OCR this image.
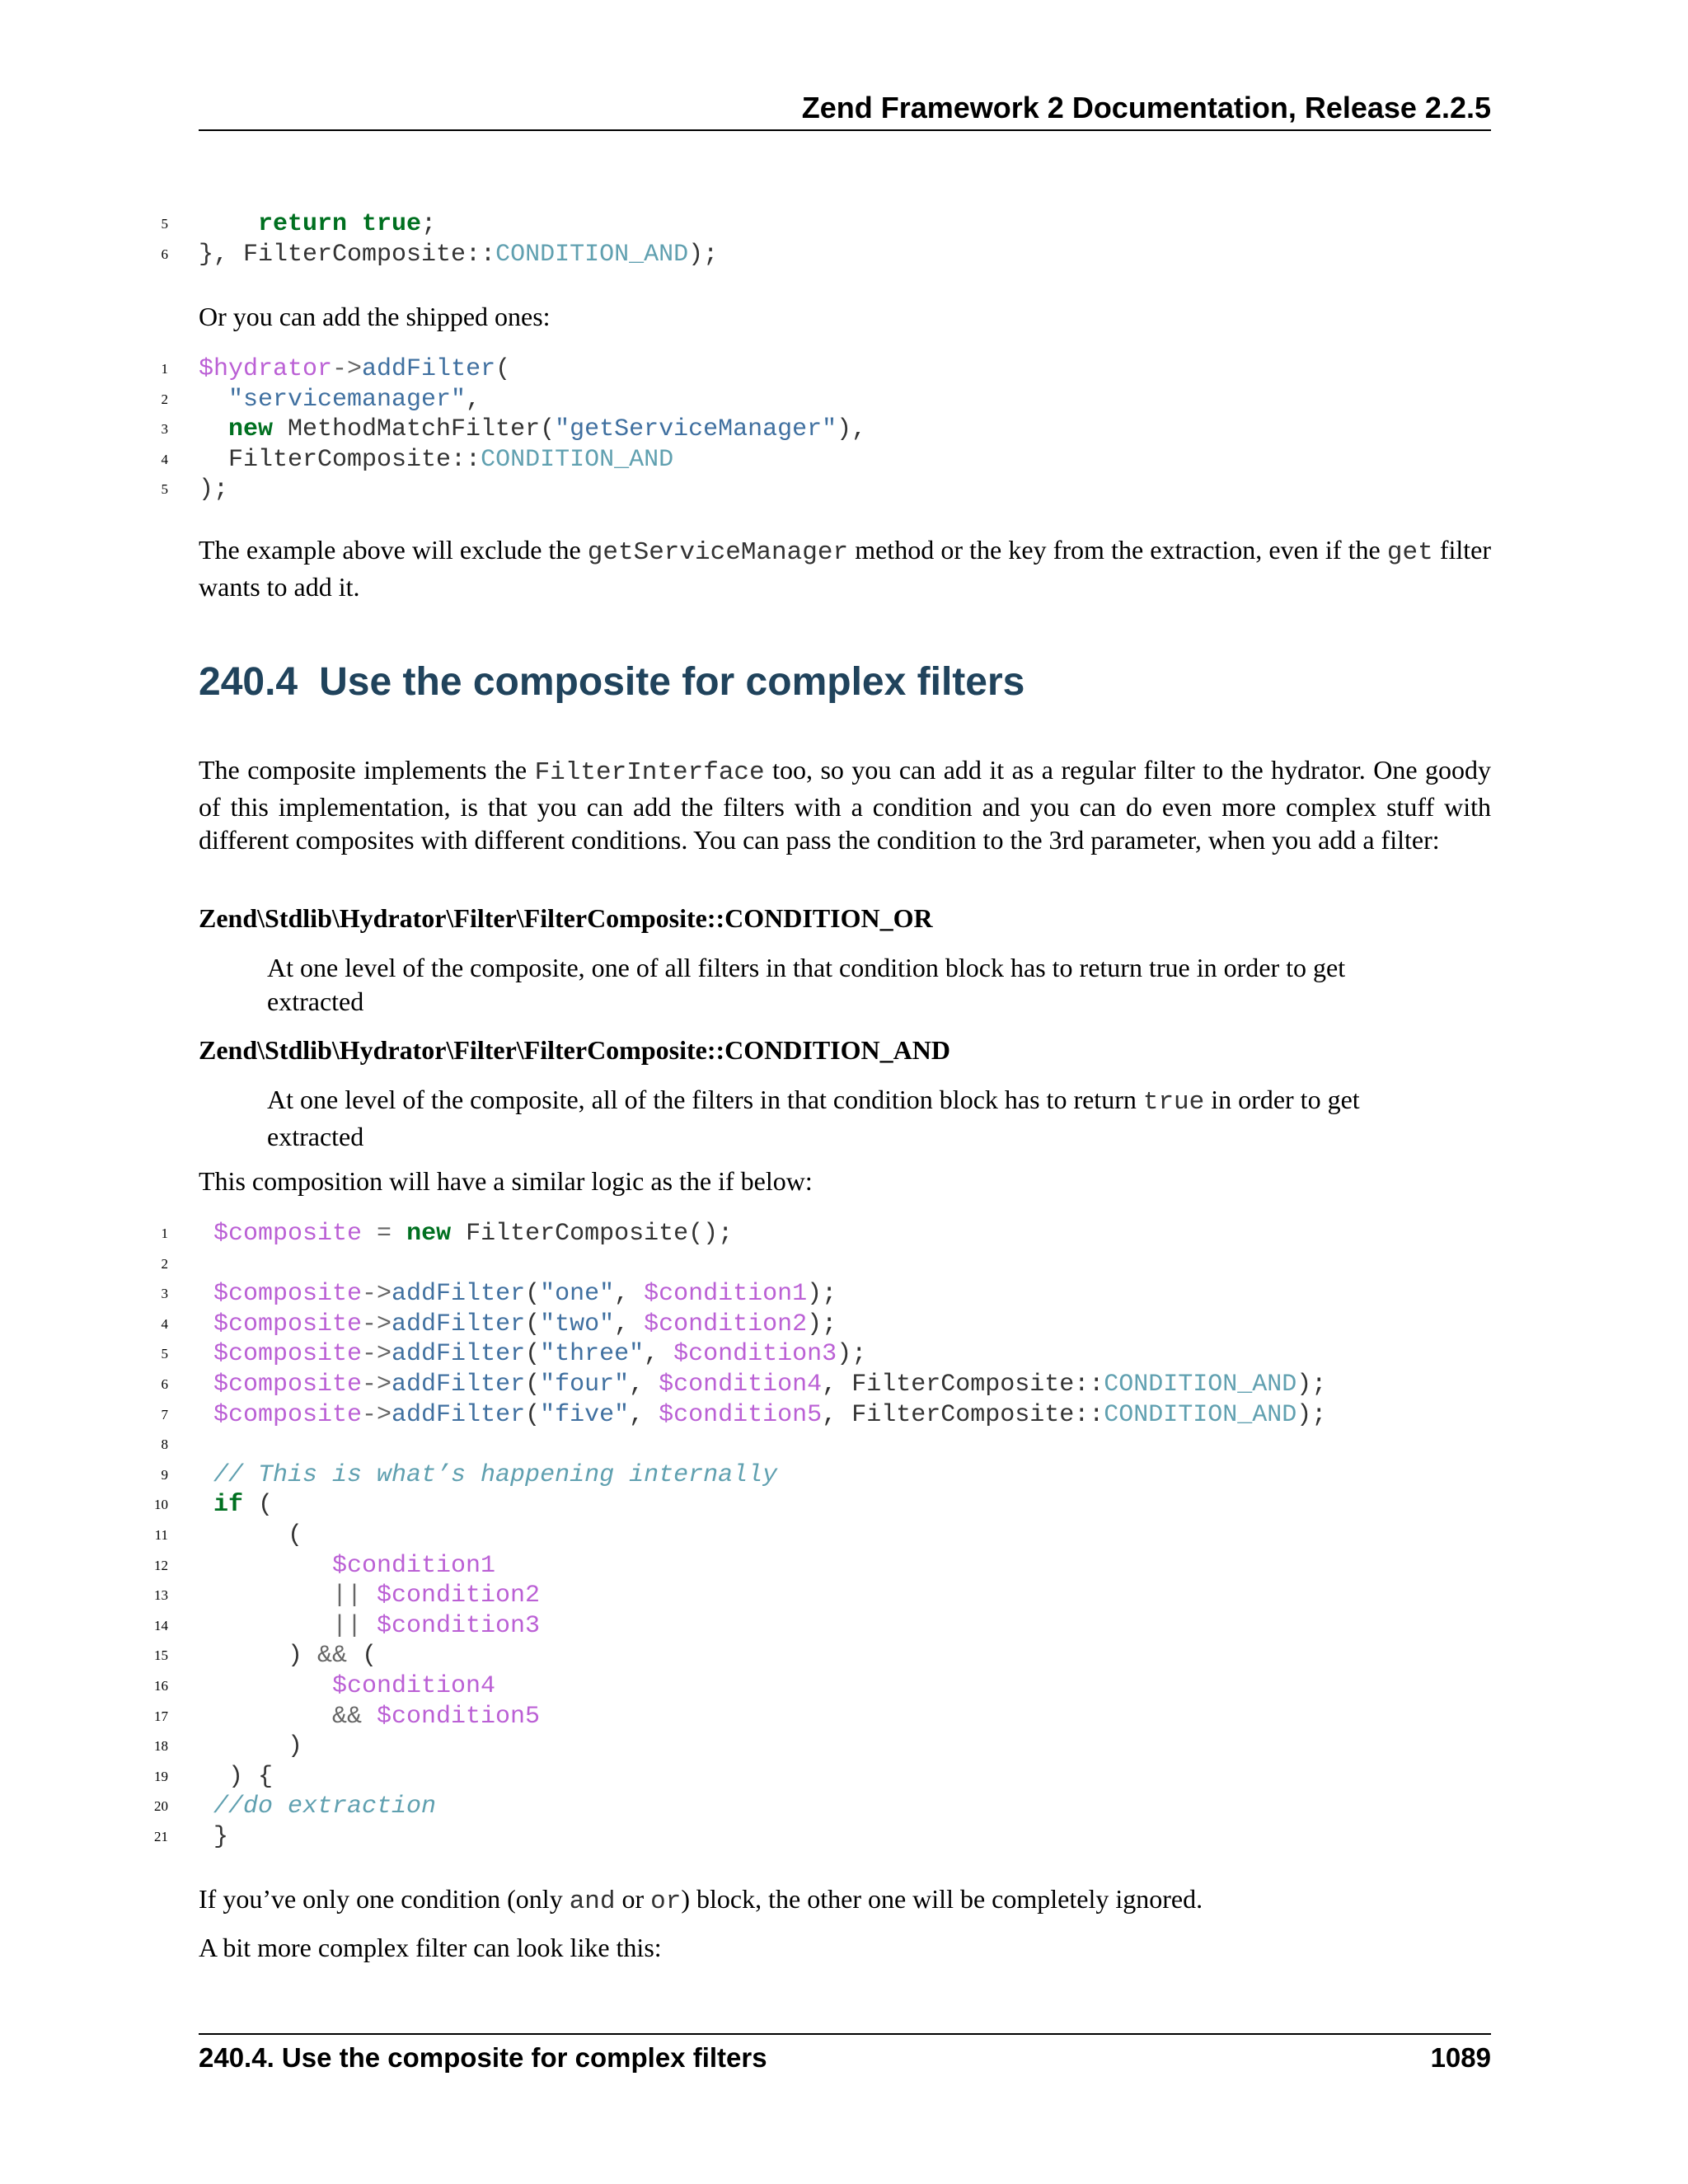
Zend Framework 2 Documentation, Release 2.2.5
5	return true;
6 }, FilterComposite::CONDITION_AND);
Or you can add the shipped ones:
1 $hydrator->addFilter(
2 "servicemanager",
3 new MethodMatchFilter("getServiceManager"),
4 FilterComposite::CONDITION_AND
5 );
The example above will exclude the getServiceManager method or the key from the extraction, even if the get filter wants to add it.
240.4 Use the composite for complex filters
The composite implements the FilterInterface too, so you can add it as a regular filter to the hydrator. One goody of this implementation, is that you can add the filters with a condition and you can do even more complex stuff with different composites with different conditions. You can pass the condition to the 3rd parameter, when you add a filter:
Zend\Stdlib\Hydrator\Filter\FilterComposite::CONDITION_OR
At one level of the composite, one of all filters in that condition block has to return true in order to get extracted
Zend\Stdlib\Hydrator\Filter\FilterComposite::CONDITION_AND
At one level of the composite, all of the filters in that condition block has to return true in order to get extracted
This composition will have a similar logic as the if below:
1 $composite = new FilterComposite();
2
3 $composite->addFilter("one", $condition1);
4 $composite->addFilter("two", $condition2);
5 $composite->addFilter("three", $condition3);
6 $composite->addFilter("four", $condition4, FilterComposite::CONDITION_AND);
7 $composite->addFilter("five", $condition5, FilterComposite::CONDITION_AND);
8
9 // This is what’s happening internally
10 if (
11	(
12	$condition1
13	|| $condition2
14	|| $condition3
15	) && (
16	$condition4
17	&& $condition5
18	)
19 ) {
20 //do extraction
21 }
If you’ve only one condition (only and or or) block, the other one will be completely ignored.
A bit more complex filter can look like this:
240.4. Use the composite for complex filters	1089
